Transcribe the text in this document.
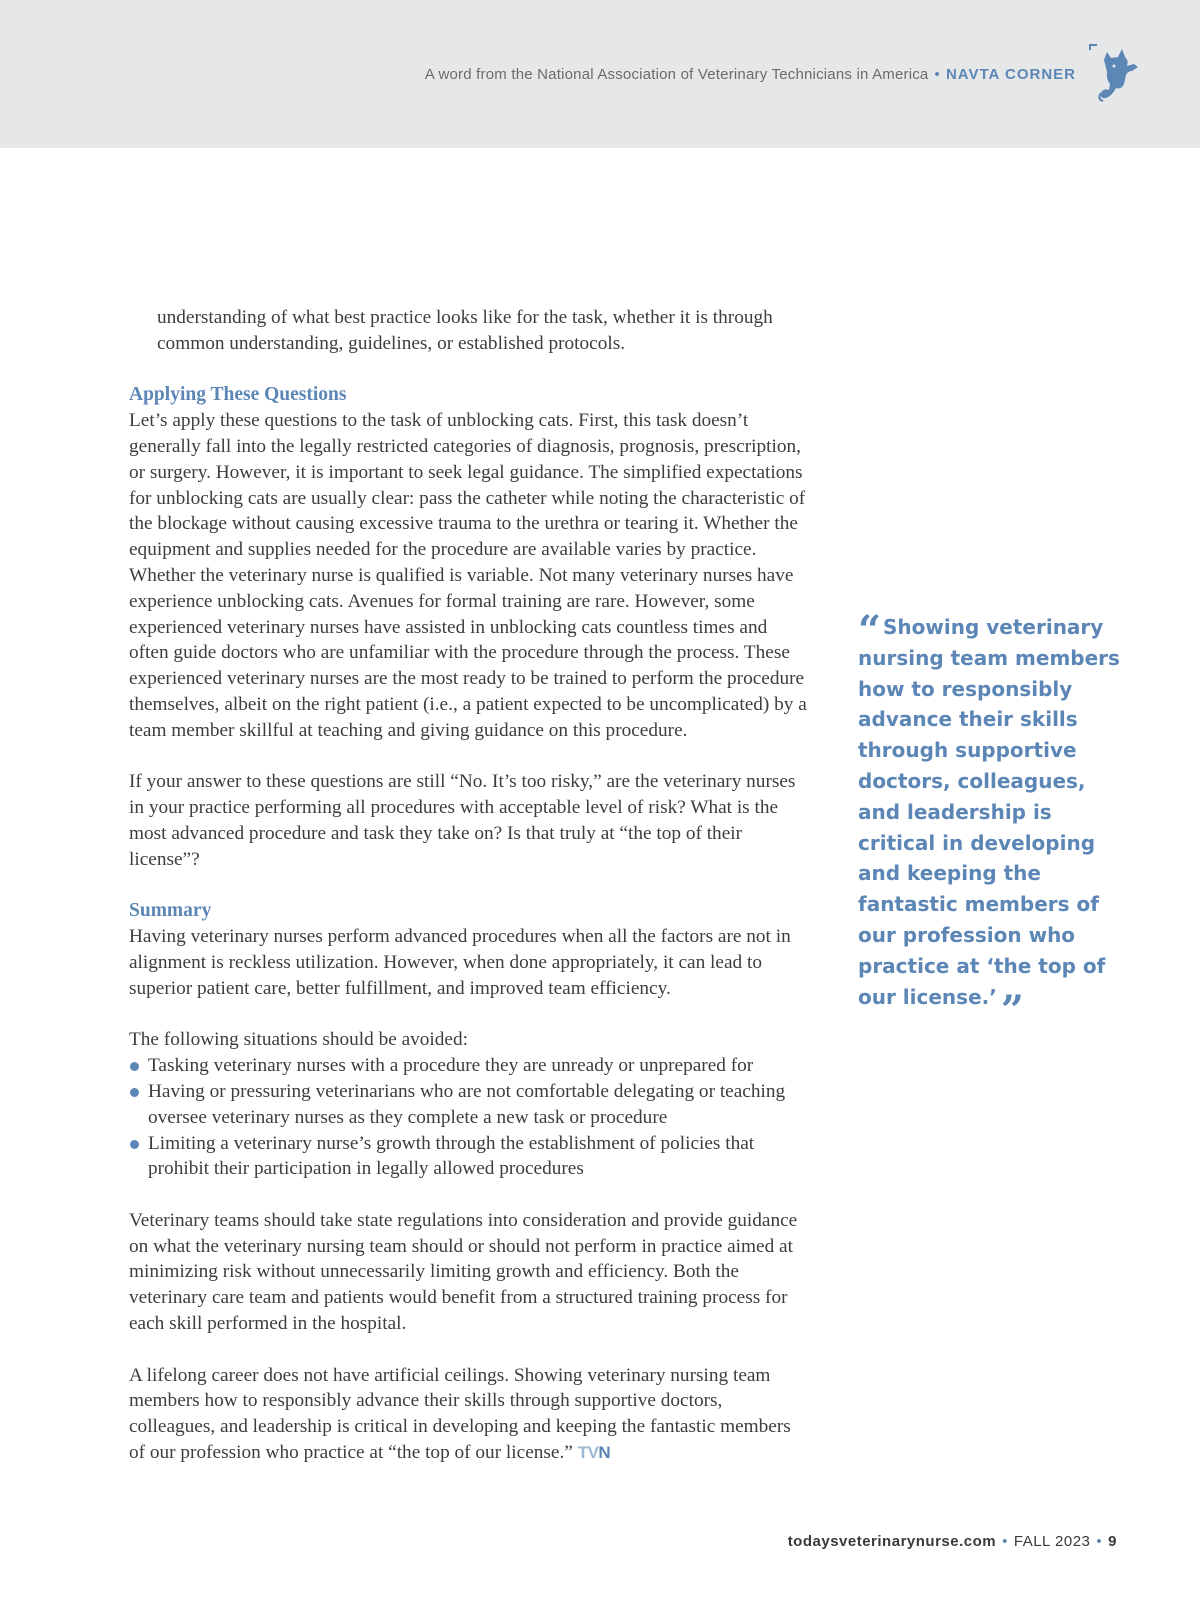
A word from the National Association of Veterinary Technicians in America • NAVTA CORNER

understanding of what best practice looks like for the task, whether it is through common understanding, guidelines, or established protocols.

Applying These Questions

Let’s apply these questions to the task of unblocking cats. First, this task doesn’t generally fall into the legally restricted categories of diagnosis, prognosis, prescription, or surgery. However, it is important to seek legal guidance. The simplified expectations for unblocking cats are usually clear: pass the catheter while noting the characteristic of the blockage without causing excessive trauma to the urethra or tearing it. Whether the equipment and supplies needed for the procedure are available varies by practice. Whether the veterinary nurse is qualified is variable. Not many veterinary nurses have experience unblocking cats. Avenues for formal training are rare. However, some experienced veterinary nurses have assisted in unblocking cats countless times and often guide doctors who are unfamiliar with the procedure through the process. These experienced veterinary nurses are the most ready to be trained to perform the procedure themselves, albeit on the right patient (i.e., a patient expected to be uncomplicated) by a team member skillful at teaching and giving guidance on this procedure.

If your answer to these questions are still “No. It’s too risky,” are the veterinary nurses in your practice performing all procedures with acceptable level of risk? What is the most advanced procedure and task they take on? Is that truly at “the top of their license”?

Summary

Having veterinary nurses perform advanced procedures when all the factors are not in alignment is reckless utilization. However, when done appropriately, it can lead to superior patient care, better fulfillment, and improved team efficiency.

The following situations should be avoided:
Tasking veterinary nurses with a procedure they are unready or unprepared for
Having or pressuring veterinarians who are not comfortable delegating or teaching oversee veterinary nurses as they complete a new task or procedure
Limiting a veterinary nurse’s growth through the establishment of policies that prohibit their participation in legally allowed procedures

Veterinary teams should take state regulations into consideration and provide guidance on what the veterinary nursing team should or should not perform in practice aimed at minimizing risk without unnecessarily limiting growth and efficiency. Both the veterinary care team and patients would benefit from a structured training process for each skill performed in the hospital.

A lifelong career does not have artificial ceilings. Showing veterinary nursing team members how to responsibly advance their skills through supportive doctors, colleagues, and leadership is critical in developing and keeping the fantastic members of our profession who practice at “the top of our license.” TVN

“ Showing veterinary nursing team members how to responsibly advance their skills through supportive doctors, colleagues, and leadership is critical in developing and keeping the fantastic members of our profession who practice at ‘the top of our license.’ ”
todaysveterinarynurse.com • FALL 2023 • 9
